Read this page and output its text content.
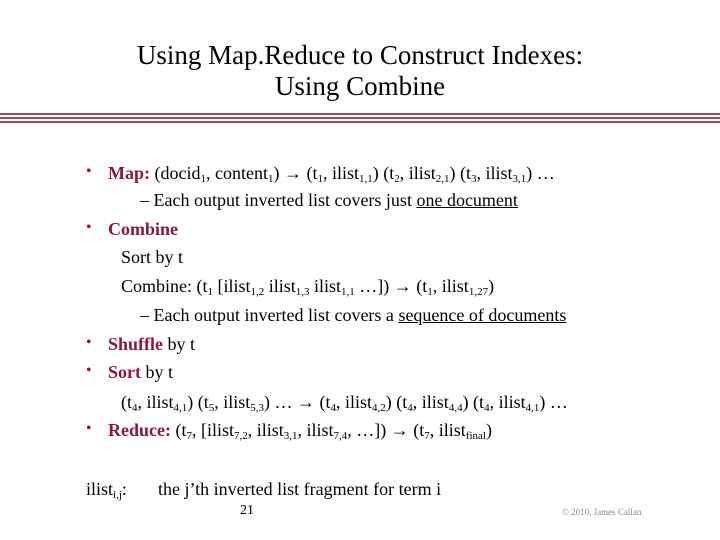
Using Map.Reduce to Construct Indexes:
Using Combine
• Map: (docid$_1$, content$_1$) → ($t_1$, ilist$_{1,1}$) ($t_2$, ilist$_{2,1}$) ($t_3$, ilist$_{3,1}$) …
– Each output inverted list covers just one document
• Combine
Sort by t
Combine: ($t_1$ [ilist$_{1,2}$ ilist$_{1,3}$ ilist$_{1,1}$ …]) → ($t_1$, ilist$_{1,27}$)
– Each output inverted list covers a sequence of documents
• Shuffle by t
• Sort by t
($t_4$, ilist$_{4,1}$) ($t_5$, ilist$_{5,3}$) … → ($t_4$, ilist$_{4,2}$) ($t_4$, ilist$_{4,4}$) ($t_4$, ilist$_{4,1}$) …
• Reduce: ($t_7$, [ilist$_{7,2}$, ilist$_{3,1}$, ilist$_{7,4}$, …]) → ($t_7$, ilist$_{final}$)
ilist$_{i,j}$: the j’th inverted list fragment for term i
21	© 2010, James Callan
